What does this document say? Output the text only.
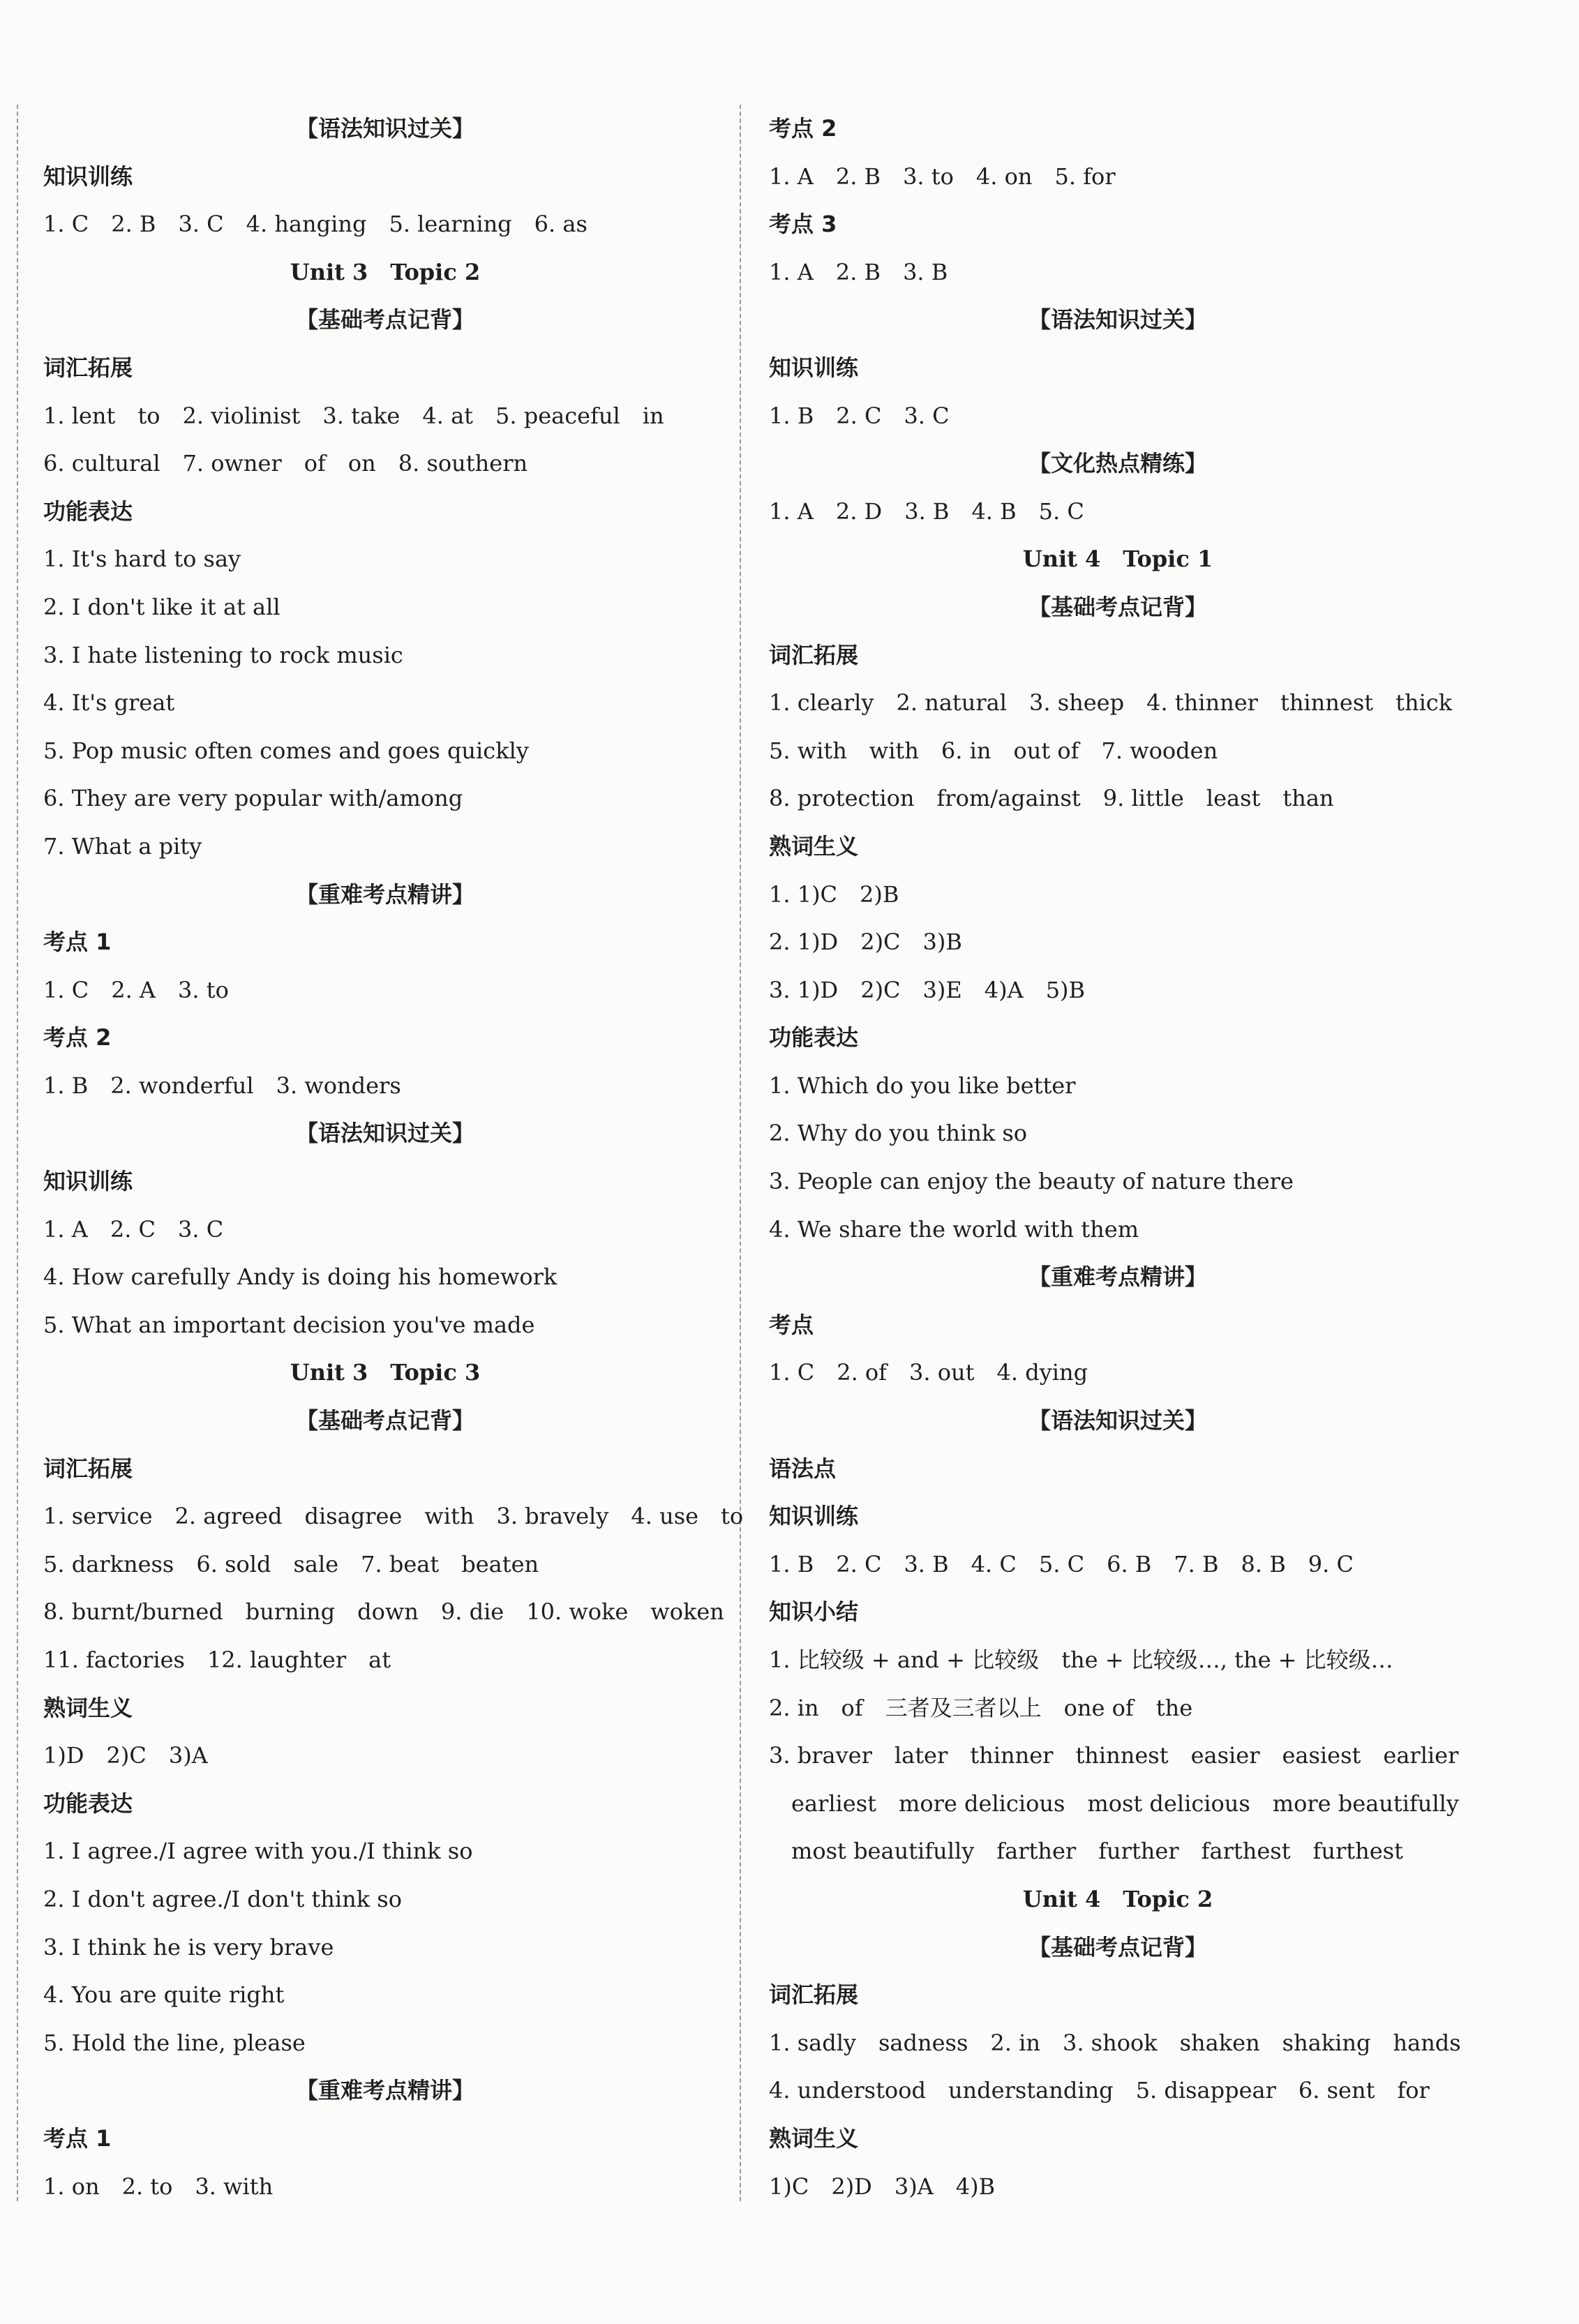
【语法知识过关】
知识训练
1. C　 2. B　 3. C　 4. hanging　 5. learning　 6. as
Unit 3　Topic 2
【基础考点记背】
词汇拓展
1. lent　to　 2. violinist　 3. take　 4. at　 5. peaceful　in
6. cultural　 7. owner　of　on　 8. southern
功能表达
1. It's hard to say
2. I don't like it at all
3. I hate listening to rock music
4. It's great
5. Pop music often comes and goes quickly
6. They are very popular with/among
7. What a pity
【重难考点精讲】
考点 1
1. C　 2. A　 3. to
考点 2
1. B　 2. wonderful　 3. wonders
【语法知识过关】
知识训练
1. A　 2. C　 3. C
4. How carefully Andy is doing his homework
5. What an important decision you've made
Unit 3　Topic 3
【基础考点记背】
词汇拓展
1. service　 2. agreed　disagree　with　 3. bravely　 4. use　to
5. darkness　 6. sold　sale　 7. beat　beaten
8. burnt/burned　burning　down　 9. die　 10. woke　woken
11. factories　 12. laughter　at
熟词生义
1)D　2)C　3)A
功能表达
1. I agree./I agree with you./I think so
2. I don't agree./I don't think so
3. I think he is very brave
4. You are quite right
5. Hold the line, please
【重难考点精讲】
考点 1
1. on　 2. to　 3. with
考点 2
1. A　 2. B　 3. to　 4. on　 5. for
考点 3
1. A　 2. B　 3. B
【语法知识过关】
知识训练
1. B　 2. C　 3. C
【文化热点精练】
1. A　 2. D　 3. B　 4. B　 5. C
Unit 4　Topic 1
【基础考点记背】
词汇拓展
1. clearly　 2. natural　 3. sheep　 4. thinner　thinnest　thick
5. with　with　 6. in　out of　 7. wooden
8. protection　from/against　 9. little　least　than
熟词生义
1. 1)C　2)B
2. 1)D　2)C　3)B
3. 1)D　2)C　3)E　4)A　5)B
功能表达
1. Which do you like better
2. Why do you think so
3. People can enjoy the beauty of nature there
4. We share the world with them
【重难考点精讲】
考点
1. C　 2. of　 3. out　 4. dying
【语法知识过关】
语法点
知识训练
1. B　 2. C　 3. B　 4. C　 5. C　 6. B　 7. B　 8. B　 9. C
知识小结
1. 比较级 + and + 比较级　the + 比较级…, the + 比较级…
2. in　of　三者及三者以上　one of　the
3. braver　later　thinner　thinnest　easier　easiest　earlier
　earliest　more delicious　most delicious　more beautifully
　most beautifully　farther　further　farthest　furthest
Unit 4　Topic 2
【基础考点记背】
词汇拓展
1. sadly　sadness　 2. in　 3. shook　shaken　shaking　hands
4. understood　understanding　 5. disappear　 6. sent　for
熟词生义
1)C　2)D　3)A　4)B
